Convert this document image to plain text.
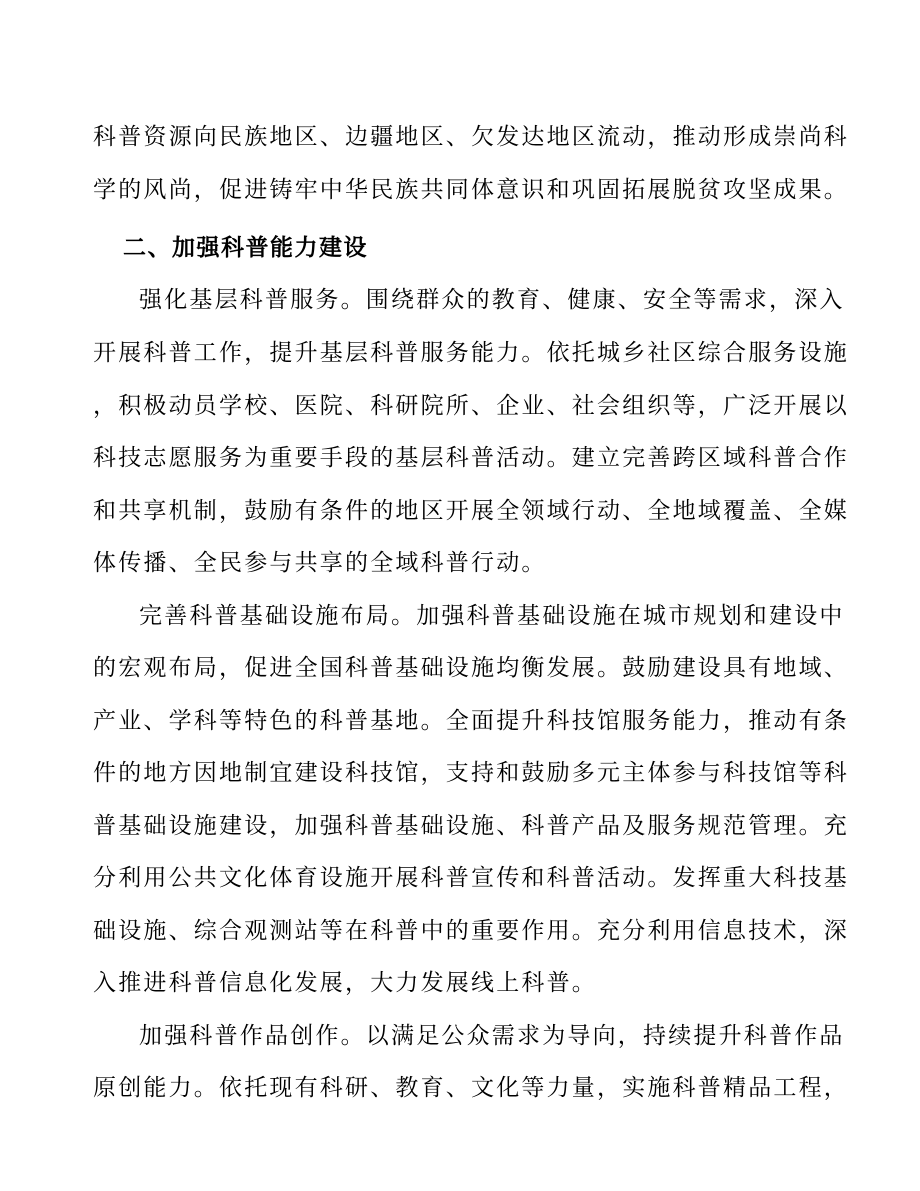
科普资源向民族地区、边疆地区、欠发达地区流动，推动形成崇尚科
学的风尚，促进铸牢中华民族共同体意识和巩固拓展脱贫攻坚成果。
二、加强科普能力建设
强化基层科普服务。围绕群众的教育、健康、安全等需求，深入
开展科普工作，提升基层科普服务能力。依托城乡社区综合服务设施
，积极动员学校、医院、科研院所、企业、社会组织等，广泛开展以
科技志愿服务为重要手段的基层科普活动。建立完善跨区域科普合作
和共享机制，鼓励有条件的地区开展全领域行动、全地域覆盖、全媒
体传播、全民参与共享的全域科普行动。
完善科普基础设施布局。加强科普基础设施在城市规划和建设中
的宏观布局，促进全国科普基础设施均衡发展。鼓励建设具有地域、
产业、学科等特色的科普基地。全面提升科技馆服务能力，推动有条
件的地方因地制宜建设科技馆，支持和鼓励多元主体参与科技馆等科
普基础设施建设，加强科普基础设施、科普产品及服务规范管理。充
分利用公共文化体育设施开展科普宣传和科普活动。发挥重大科技基
础设施、综合观测站等在科普中的重要作用。充分利用信息技术，深
入推进科普信息化发展，大力发展线上科普。
加强科普作品创作。以满足公众需求为导向，持续提升科普作品
原创能力。依托现有科研、教育、文化等力量，实施科普精品工程，
